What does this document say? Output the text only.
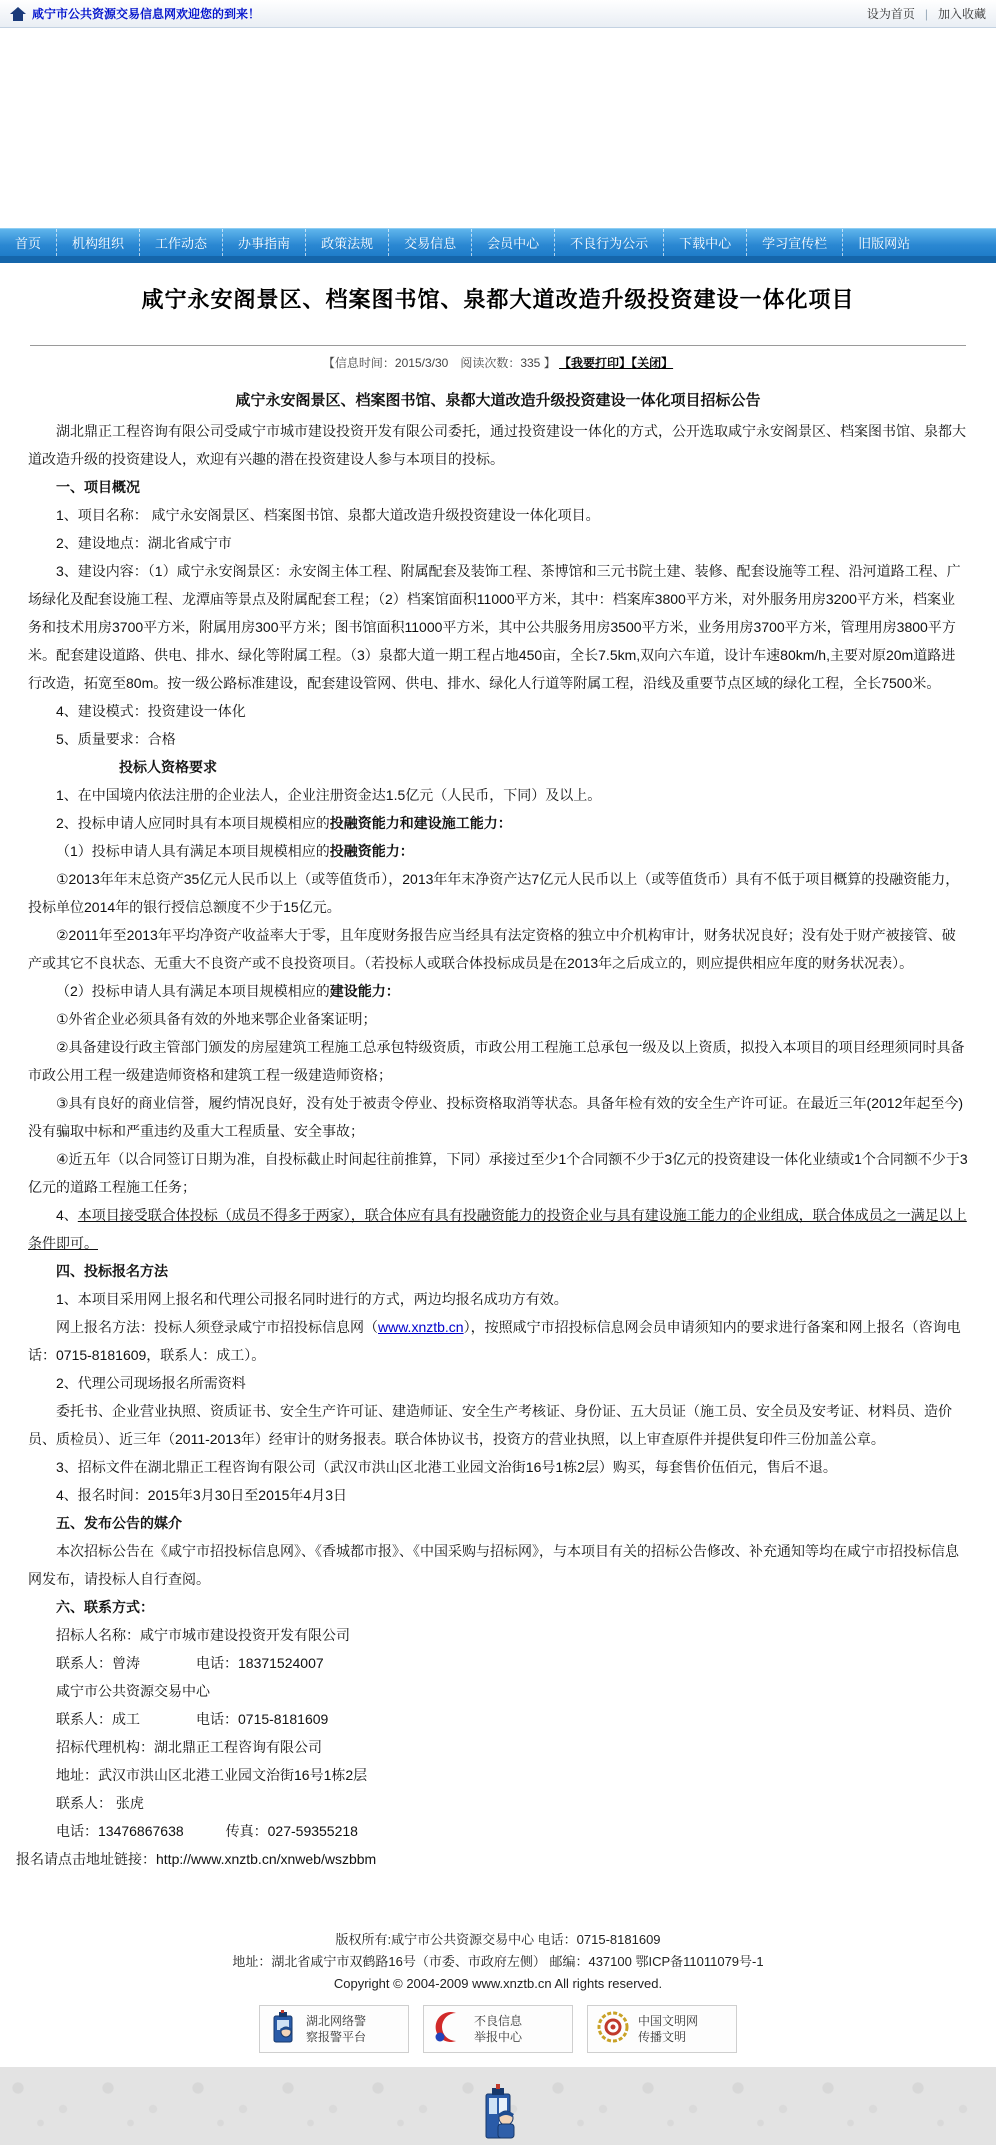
咸宁市公共资源交易信息网欢迎您的到来！	设为首页 | 加入收藏
首页	机构组织	工作动态	办事指南	政策法规	交易信息	会员中心	不良行为公示	下载中心	学习宣传栏	旧版网站
咸宁永安阁景区、档案图书馆、泉都大道改造升级投资建设一体化项目
【信息时间：2015/3/30　阅读次数：335 】 【我要打印】【关闭】
咸宁永安阁景区、档案图书馆、泉都大道改造升级投资建设一体化项目招标公告
湖北鼎正工程咨询有限公司受咸宁市城市建设投资开发有限公司委托，通过投资建设一体化的方式，公开选取咸宁永安阁景区、档案图书馆、泉都大道改造升级的投资建设人，欢迎有兴趣的潜在投资建设人参与本项目的投标。
一、项目概况
1、项目名称： 咸宁永安阁景区、档案图书馆、泉都大道改造升级投资建设一体化项目。
2、建设地点：湖北省咸宁市
3、建设内容：（1）咸宁永安阁景区：永安阁主体工程、附属配套及装饰工程、茶博馆和三元书院土建、装修、配套设施等工程、沿河道路工程、广场绿化及配套设施工程、龙潭庙等景点及附属配套工程；（2）档案馆面积11000平方米，其中：档案库3800平方米，对外服务用房3200平方米，档案业务和技术用房3700平方米，附属用房300平方米；图书馆面积11000平方米，其中公共服务用房3500平方米，业务用房3700平方米，管理用房3800平方米。配套建设道路、供电、排水、绿化等附属工程。（3）泉都大道一期工程占地450亩，全长7.5km,双向六车道，设计车速80km/h,主要对原20m道路进行改造，拓宽至80m。按一级公路标准建设，配套建设管网、供电、排水、绿化人行道等附属工程，沿线及重要节点区域的绿化工程，全长7500米。
4、建设模式：投资建设一体化
5、质量要求：合格
投标人资格要求
1、在中国境内依法注册的企业法人，企业注册资金达1.5亿元（人民币，下同）及以上。
2、投标申请人应同时具有本项目规模相应的投融资能力和建设施工能力：
（1）投标申请人具有满足本项目规模相应的投融资能力：
①2013年年末总资产35亿元人民币以上（或等值货币），2013年年末净资产达7亿元人民币以上（或等值货币）具有不低于项目概算的投融资能力，投标单位2014年的银行授信总额度不少于15亿元。
②2011年至2013年平均净资产收益率大于零，且年度财务报告应当经具有法定资格的独立中介机构审计，财务状况良好；没有处于财产被接管、破产或其它不良状态、无重大不良资产或不良投资项目。（若投标人或联合体投标成员是在2013年之后成立的，则应提供相应年度的财务状况表）。
（2）投标申请人具有满足本项目规模相应的建设能力：
①外省企业必须具备有效的外地来鄂企业备案证明；
②具备建设行政主管部门颁发的房屋建筑工程施工总承包特级资质，市政公用工程施工总承包一级及以上资质，拟投入本项目的项目经理须同时具备市政公用工程一级建造师资格和建筑工程一级建造师资格；
③具有良好的商业信誉，履约情况良好，没有处于被责令停业、投标资格取消等状态。具备年检有效的安全生产许可证。在最近三年(2012年起至今)没有骗取中标和严重违约及重大工程质量、安全事故；
④近五年（以合同签订日期为准，自投标截止时间起往前推算，下同）承接过至少1个合同额不少于3亿元的投资建设一体化业绩或1个合同额不少于3亿元的道路工程施工任务；
4、本项目接受联合体投标（成员不得多于两家），联合体应有具有投融资能力的投资企业与具有建设施工能力的企业组成，联合体成员之一满足以上条件即可。
四、投标报名方法
1、本项目采用网上报名和代理公司报名同时进行的方式，两边均报名成功方有效。
网上报名方法：投标人须登录咸宁市招投标信息网（www.xnztb.cn），按照咸宁市招投标信息网会员申请须知内的要求进行备案和网上报名（咨询电话：0715-8181609，联系人：成工）。
2、代理公司现场报名所需资料
委托书、企业营业执照、资质证书、安全生产许可证、建造师证、安全生产考核证、身份证、五大员证（施工员、安全员及安考证、材料员、造价员、质检员）、近三年（2011-2013年）经审计的财务报表。联合体协议书，投资方的营业执照，以上审查原件并提供复印件三份加盖公章。
3、招标文件在湖北鼎正工程咨询有限公司（武汉市洪山区北港工业园文治街16号1栋2层）购买，每套售价伍佰元，售后不退。
4、报名时间：2015年3月30日至2015年4月3日
五、发布公告的媒介
本次招标公告在《咸宁市招投标信息网》、《香城都市报》、《中国采购与招标网》，与本项目有关的招标公告修改、补充通知等均在咸宁市招投标信息网发布，请投标人自行查阅。
六、联系方式：
招标人名称：咸宁市城市建设投资开发有限公司
联系人：曾涛　　　　电话：18371524007
咸宁市公共资源交易中心
联系人：成工　　　　电话：0715-8181609
招标代理机构：湖北鼎正工程咨询有限公司
地址：武汉市洪山区北港工业园文治街16号1栋2层
联系人： 张虎
电话：13476867638　　　传真：027-59355218
报名请点击地址链接：http://www.xnztb.cn/xnweb/wszbbm
版权所有:咸宁市公共资源交易中心 电话：0715-8181609
地址：湖北省咸宁市双鹤路16号（市委、市政府左侧） 邮编：437100 鄂ICP备11011079号-1
Copyright © 2004-2009 www.xnztb.cn All rights reserved.
湖北网络警
察报警平台
不良信息
举报中心
中国文明网
传播文明
